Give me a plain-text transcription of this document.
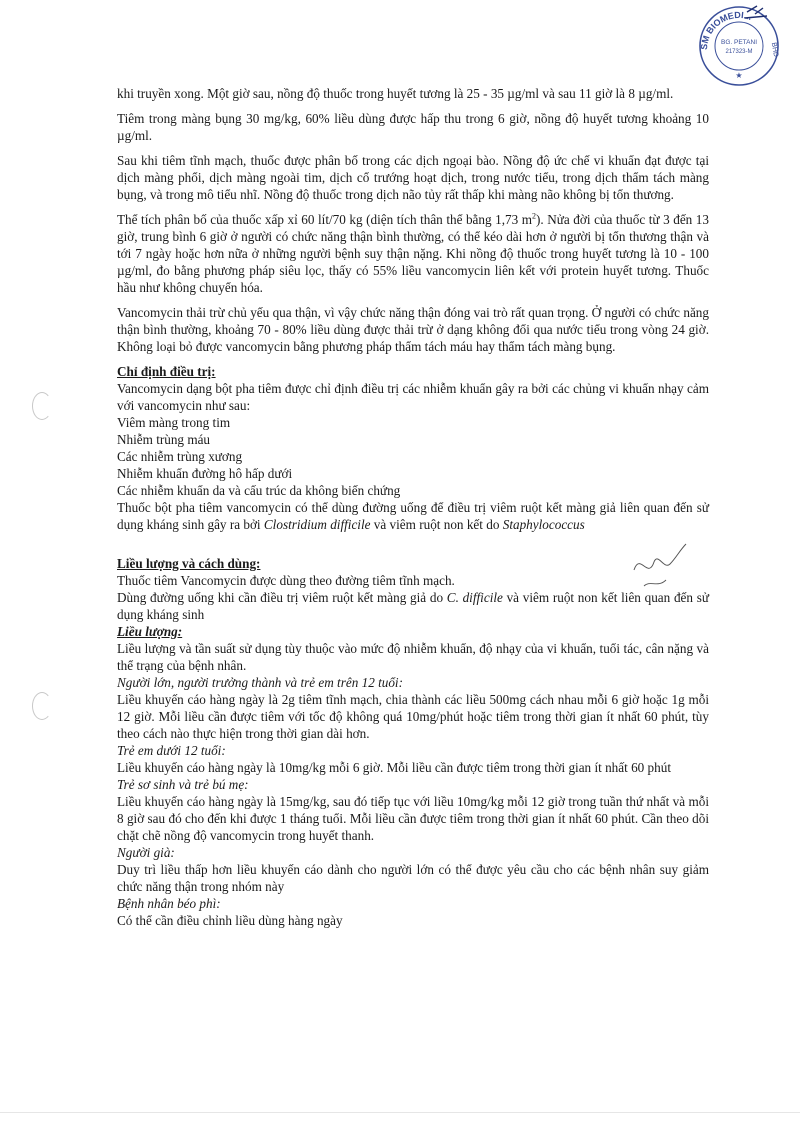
SM BIOMEDI...
BG. PETANI
217323-M BHD
★

khi truyền xong. Một giờ sau, nồng độ thuốc trong huyết tương là 25 - 35 µg/ml và sau 11 giờ là 8 µg/ml.

Tiêm trong màng bụng 30 mg/kg, 60% liều dùng được hấp thu trong 6 giờ, nồng độ huyết tương khoảng 10 µg/ml.

Sau khi tiêm tĩnh mạch, thuốc được phân bố trong các dịch ngoại bào. Nồng độ ức chế vi khuẩn đạt được tại dịch màng phổi, dịch màng ngoài tim, dịch cổ trướng hoạt dịch, trong nước tiểu, trong dịch thẩm tách màng bụng, và trong mô tiểu nhĩ. Nồng độ thuốc trong dịch não tủy rất thấp khi màng não không bị tổn thương.

Thể tích phân bố của thuốc xấp xỉ 60 lít/70 kg (diện tích thân thể bằng 1,73 $m^2$). Nửa đời của thuốc từ 3 đến 13 giờ, trung bình 6 giờ ở người có chức năng thận bình thường, có thể kéo dài hơn ở người bị tổn thương thận và tới 7 ngày hoặc hơn nữa ở những người bệnh suy thận nặng. Khi nồng độ thuốc trong huyết tương là 10 - 100 µg/ml, đo bằng phương pháp siêu lọc, thấy có 55% liều vancomycin liên kết với protein huyết tương. Thuốc hầu như không chuyển hóa.

Vancomycin thải trừ chủ yếu qua thận, vì vậy chức năng thận đóng vai trò rất quan trọng. Ở người có chức năng thận bình thường, khoảng 70 - 80% liều dùng được thải trừ ở dạng không đổi qua nước tiểu trong vòng 24 giờ. Không loại bỏ được vancomycin bằng phương pháp thẩm tách máu hay thẩm tách màng bụng.

Chỉ định điều trị:
Vancomycin dạng bột pha tiêm được chỉ định điều trị các nhiễm khuẩn gây ra bởi các chủng vi khuẩn nhạy cảm với vancomycin như sau:
Viêm màng trong tim
Nhiễm trùng máu
Các nhiễm trùng xương
Nhiễm khuẩn đường hô hấp dưới
Các nhiễm khuẩn da và cấu trúc da không biến chứng
Thuốc bột pha tiêm vancomycin có thể dùng đường uống để điều trị viêm ruột kết màng giả liên quan đến sử dụng kháng sinh gây ra bởi Clostridium difficile và viêm ruột non kết do Staphylococcus
Liều lượng và cách dùng:
Thuốc tiêm Vancomycin được dùng theo đường tiêm tĩnh mạch.
Dùng đường uống khi cần điều trị viêm ruột kết màng giả do C. difficile và viêm ruột non kết liên quan đến sử dụng kháng sinh
Liều lượng:
Liều lượng và tần suất sử dụng tùy thuộc vào mức độ nhiễm khuẩn, độ nhạy của vi khuẩn, tuổi tác, cân nặng và thể trạng của bệnh nhân.
Người lớn, người trưởng thành và trẻ em trên 12 tuổi:
Liều khuyến cáo hàng ngày là 2g tiêm tĩnh mạch, chia thành các liều 500mg cách nhau mỗi 6 giờ hoặc 1g mỗi 12 giờ. Mỗi liều cần được tiêm với tốc độ không quá 10mg/phút hoặc tiêm trong thời gian ít nhất 60 phút, tùy theo cách nào thực hiện trong thời gian dài hơn.
Trẻ em dưới 12 tuổi:
Liều khuyến cáo hàng ngày là 10mg/kg mỗi 6 giờ. Mỗi liều cần được tiêm trong thời gian ít nhất 60 phút
Trẻ sơ sinh và trẻ bú mẹ:
Liều khuyến cáo hàng ngày là 15mg/kg, sau đó tiếp tục với liều 10mg/kg mỗi 12 giờ trong tuần thứ nhất và mỗi 8 giờ sau đó cho đến khi được 1 tháng tuổi. Mỗi liều cần được tiêm trong thời gian ít nhất 60 phút. Cần theo dõi chặt chẽ nồng độ vancomycin trong huyết thanh.
Người già:
Duy trì liều thấp hơn liều khuyến cáo dành cho người lớn có thể được yêu cầu cho các bệnh nhân suy giảm chức năng thận trong nhóm này
Bệnh nhân béo phì:
Có thể cần điều chỉnh liều dùng hàng ngày
